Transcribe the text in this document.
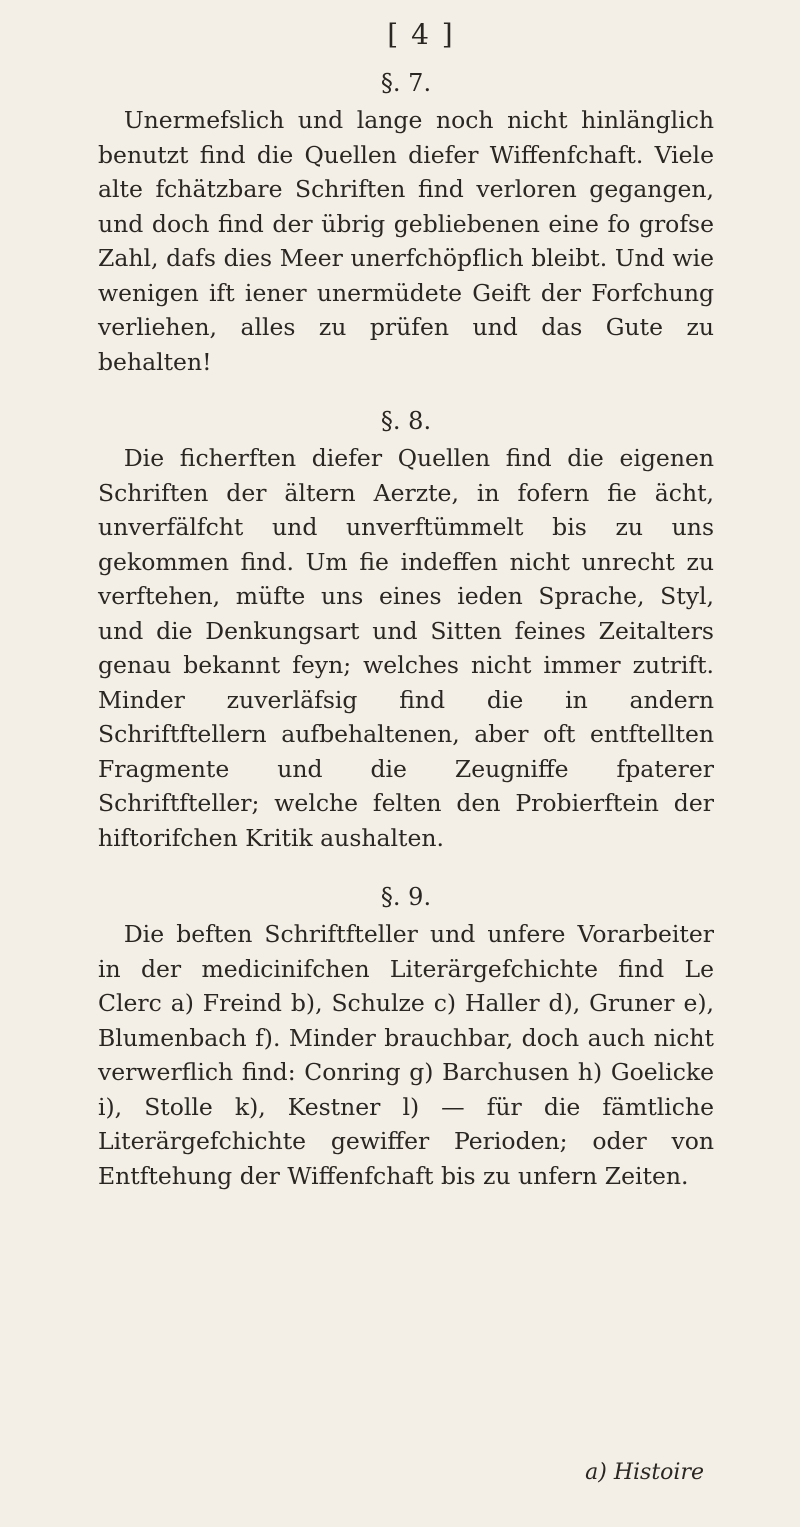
[ 4 ]
§. 7.

Unermefslich und lange noch nicht hinlänglich benutzt find die Quellen diefer Wiffenfchaft. Viele alte fchätzbare Schriften find verloren gegangen, und doch find der übrig gebliebenen eine fo grofse Zahl, dafs dies Meer unerfchöpflich bleibt. Und wie wenigen ift iener unermüdete Geift der Forfchung verliehen, alles zu prüfen und das Gute zu behalten!

§. 8.

Die ficherften diefer Quellen find die eigenen Schriften der ältern Aerzte, in fofern fie ächt, unverfälfcht und unverftümmelt bis zu uns gekommen find. Um fie indeffen nicht unrecht zu verftehen, müfte uns eines ieden Sprache, Styl, und die Denkungsart und Sitten feines Zeitalters genau bekannt feyn; welches nicht immer zutrift. Minder zuverläfsig find die in andern Schriftftellern aufbehaltenen, aber oft entftellten Fragmente und die Zeugniffe fpaterer Schriftfteller; welche felten den Probierftein der hiftorifchen Kritik aushalten.

§. 9.

Die beften Schriftfteller und unfere Vorarbeiter in der medicinifchen Literärgefchichte find Le Clerc a) Freind b), Schulze c) Haller d), Gruner e), Blumenbach f). Minder brauchbar, doch auch nicht verwerflich find: Conring g) Barchusen h) Goelicke i), Stolle k), Kestner l) — für die fämtliche Literärgefchichte gewiffer Perioden; oder von Entftehung der Wiffenfchaft bis zu unfern Zeiten.

a) Histoire
